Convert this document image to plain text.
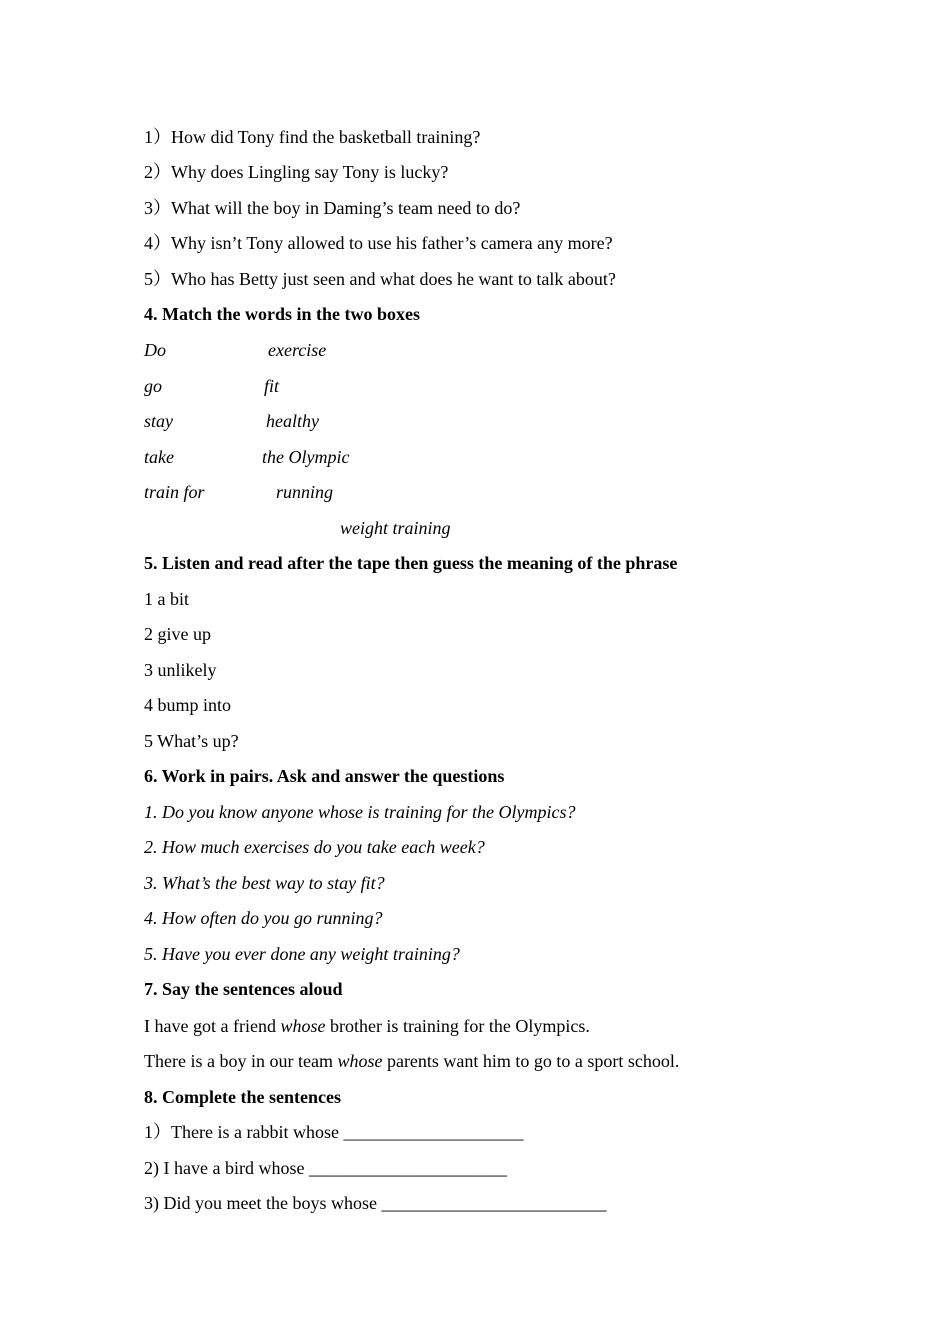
1）How did Tony find the basketball training?
2）Why does Lingling say Tony is lucky?
3）What will the boy in Daming’s team need to do?
4）Why isn’t Tony allowed to use his father’s camera any more?
5）Who has Betty just seen and what does he want to talk about?
4. Match the words in the two boxes
Do	exercise
go	fit
stay	healthy
take	the Olympic
train for	running
weight training
5. Listen and read after the tape then guess the meaning of the phrase
1 a bit
2 give up
3 unlikely
4 bump into
5 What’s up?
6. Work in pairs. Ask and answer the questions
1. Do you know anyone whose is training for the Olympics?
2. How much exercises do you take each week?
3. What’s the best way to stay fit?
4. How often do you go running?
5. Have you ever done any weight training?
7. Say the sentences aloud
I have got a friend whose brother is training for the Olympics.
There is a boy in our team whose parents want him to go to a sport school.
8. Complete the sentences
1）There is a rabbit whose ____________________
2) I have a bird whose ______________________
3) Did you meet the boys whose _________________________
